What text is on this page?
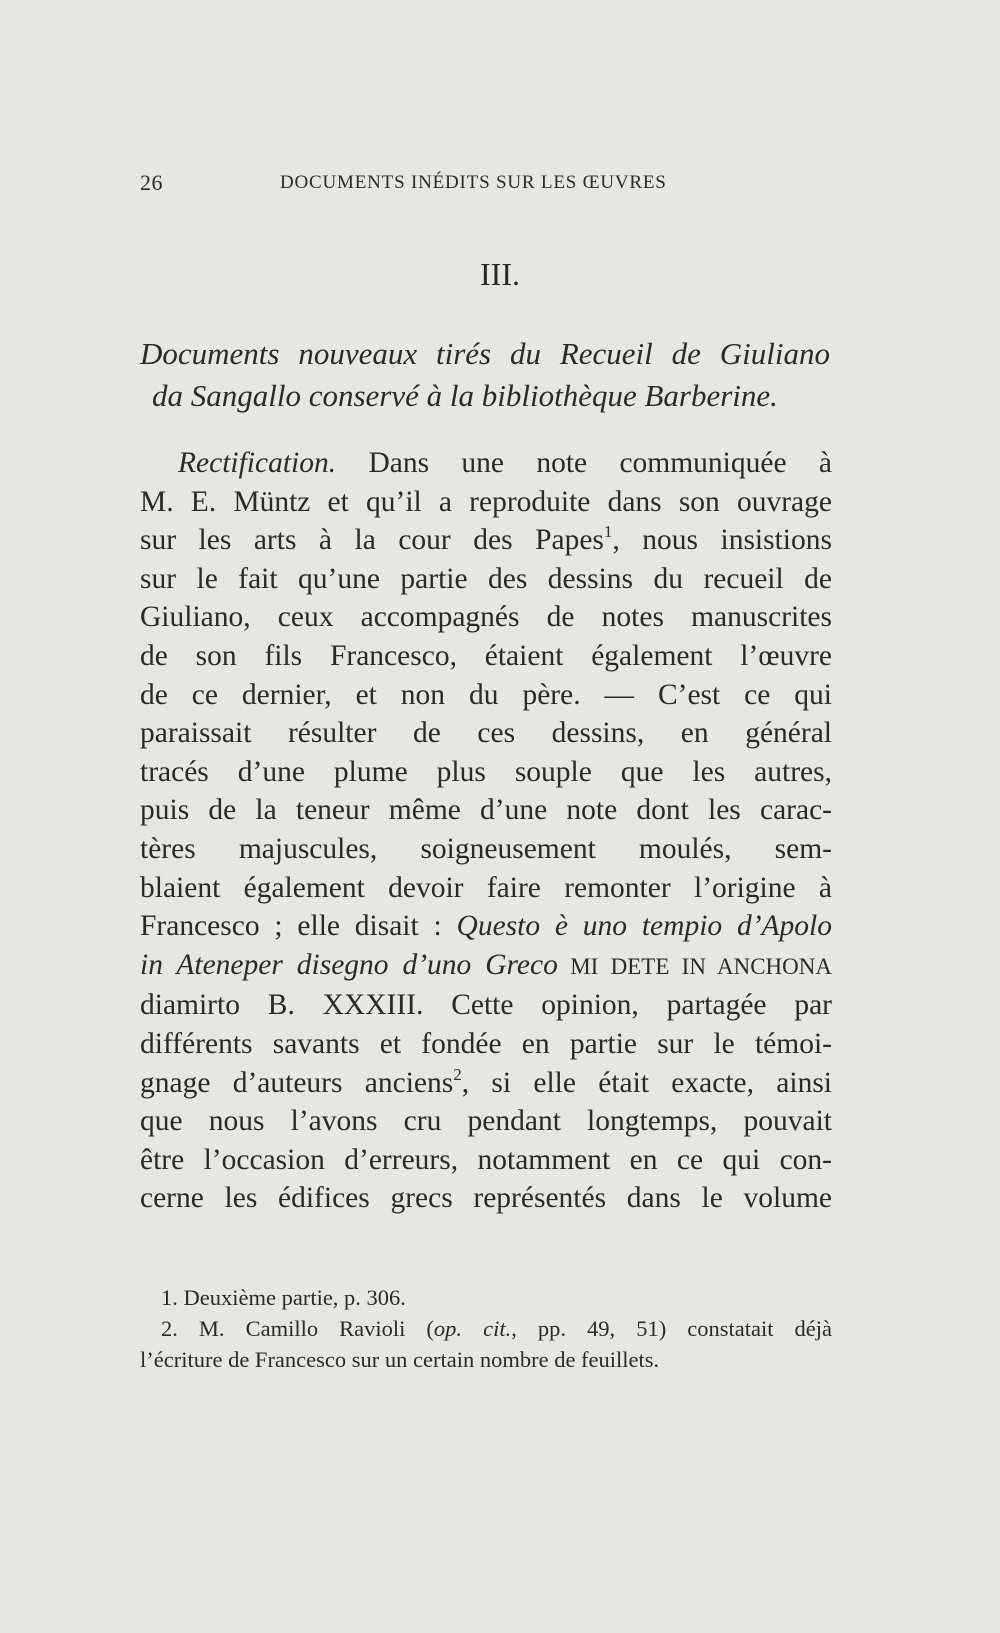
26	DOCUMENTS INÉDITS SUR LES ŒUVRES
III.
Documents nouveaux tirés du Recueil de Giuliano
da Sangallo conservé à la bibliothèque Barberine.
Rectification. Dans une note communiquée à
M. E. Müntz et qu’il a reproduite dans son ouvrage
sur les arts à la cour des Papes$^1$, nous insistions
sur le fait qu’une partie des dessins du recueil de
Giuliano, ceux accompagnés de notes manuscrites
de son fils Francesco, étaient également l’œuvre
de ce dernier, et non du père. — C’est ce qui
paraissait résulter de ces dessins, en général
tracés d’une plume plus souple que les autres,
puis de la teneur même d’une note dont les carac-
tères majuscules, soigneusement moulés, sem-
blaient également devoir faire remonter l’origine à
Francesco ; elle disait : Questo è uno tempio d’Apolo
in Ateneper disegno d’uno Greco MI DETE IN ANCHONA
diamirto B. XXXIII. Cette opinion, partagée par
différents savants et fondée en partie sur le témoi-
gnage d’auteurs anciens$^2$, si elle était exacte, ainsi
que nous l’avons cru pendant longtemps, pouvait
être l’occasion d’erreurs, notamment en ce qui con-
cerne les édifices grecs représentés dans le volume
1. Deuxième partie, p. 306.
2. M. Camillo Ravioli (op. cit., pp. 49, 51) constatait déjà
l’écriture de Francesco sur un certain nombre de feuillets.
